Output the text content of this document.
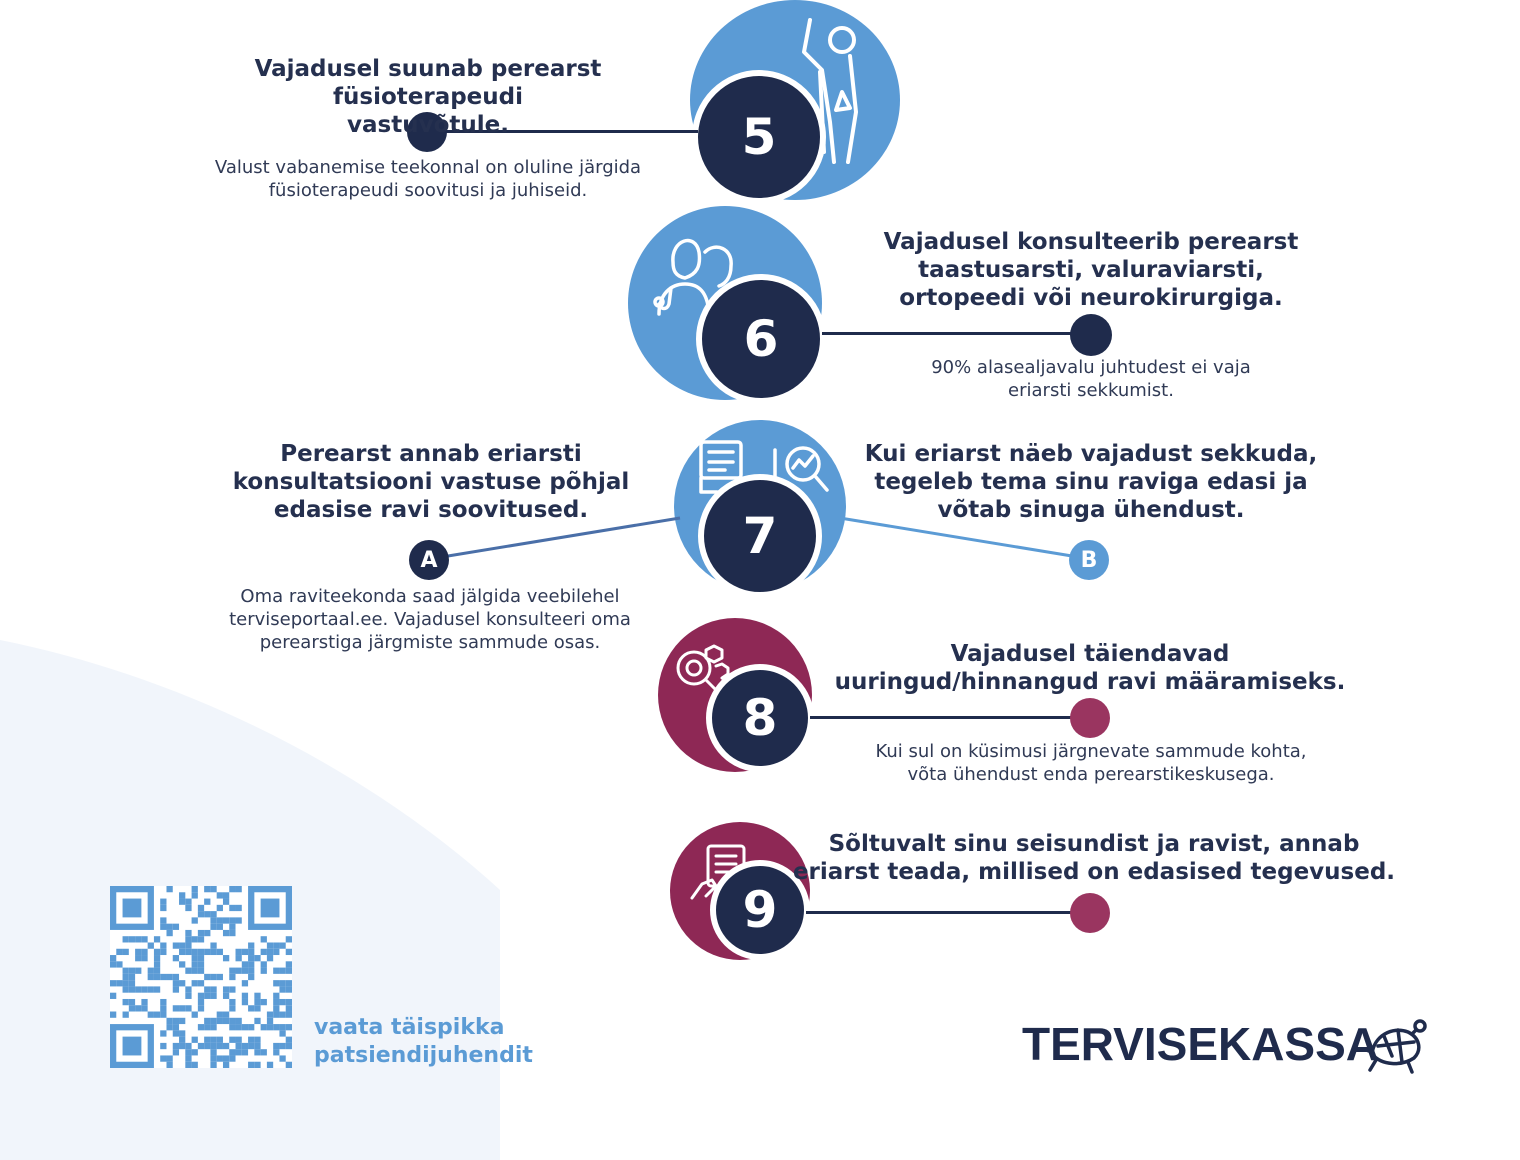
5
Vajadusel suunab perearst füsioterapeudi vastuvõtule.
Valust vabanemise teekonnal on oluline järgida füsioterapeudi soovitusi ja juhiseid.
6
Vajadusel konsulteerib perearst taastusarsti, valuraviarsti, ortopeedi või neurokirurgiga.
90% alasealjavalu juhtudest ei vaja eriarsti sekkumist.
7
A	B
Perearst annab eriarsti konsultatsiooni vastuse põhjal edasise ravi soovitused.
Oma raviteekonda saad jälgida veebilehel terviseportaal.ee. Vajadusel konsulteeri oma perearstiga järgmiste sammude osas.
Kui eriarst näeb vajadust sekkuda, tegeleb tema sinu raviga edasi ja võtab sinuga ühendust.
8
Vajadusel täiendavad uuringud/hinnangud ravi määramiseks.
Kui sul on küsimusi järgnevate sammude kohta, võta ühendust enda perearstikeskusega.
9
Sõltuvalt sinu seisundist ja ravist, annab eriarst teada, millised on edasised tegevused.
vaata täispikka
patsiendijuhendit	TERVISEKASSA
